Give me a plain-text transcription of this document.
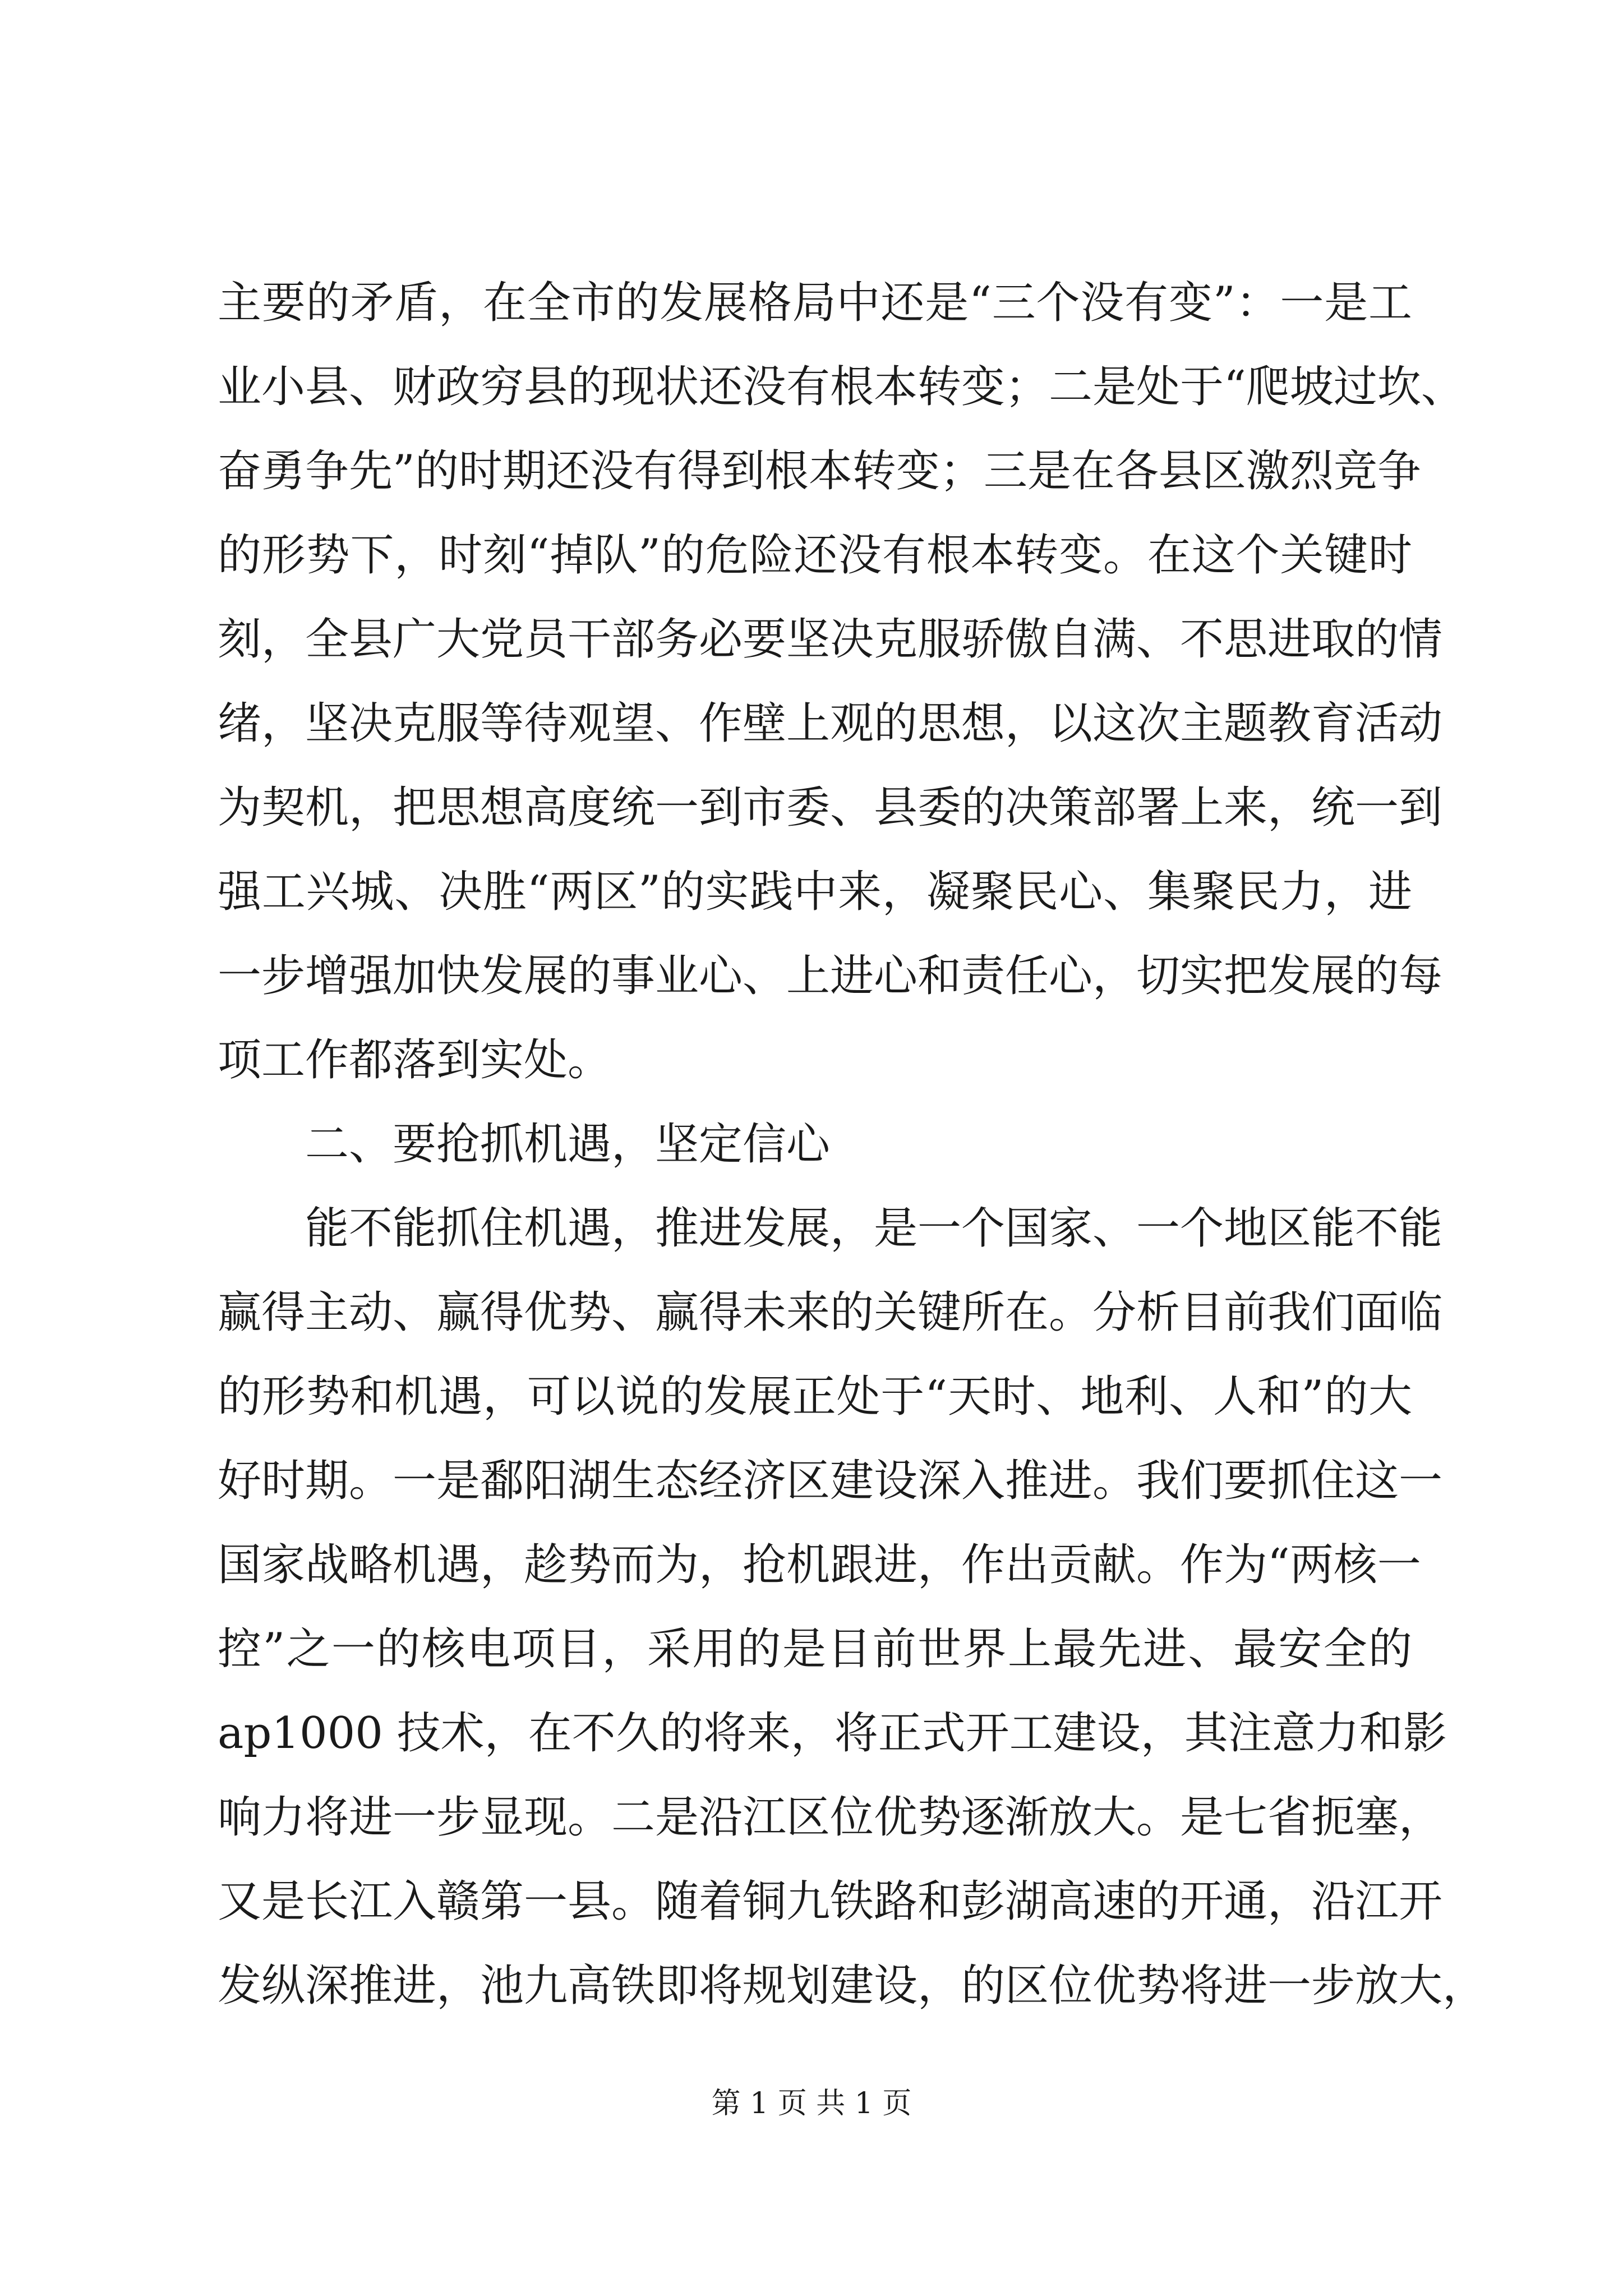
主要的矛盾，在全市的发展格局中还是“三个没有变”：一是工
业小县、财政穷县的现状还没有根本转变；二是处于“爬坡过坎、
奋勇争先”的时期还没有得到根本转变；三是在各县区激烈竞争
的形势下，时刻“掉队”的危险还没有根本转变。在这个关键时
刻，全县广大党员干部务必要坚决克服骄傲自满、不思进取的情
绪，坚决克服等待观望、作壁上观的思想，以这次主题教育活动
为契机，把思想高度统一到市委、县委的决策部署上来，统一到
强工兴城、决胜“两区”的实践中来，凝聚民心、集聚民力，进
一步增强加快发展的事业心、上进心和责任心，切实把发展的每
项工作都落到实处。
二、要抢抓机遇，坚定信心
能不能抓住机遇，推进发展，是一个国家、一个地区能不能
赢得主动、赢得优势、赢得未来的关键所在。分析目前我们面临
的形势和机遇，可以说的发展正处于“天时、地利、人和”的大
好时期。一是鄱阳湖生态经济区建设深入推进。我们要抓住这一
国家战略机遇，趁势而为，抢机跟进，作出贡献。作为“两核一
控”之一的核电项目，采用的是目前世界上最先进、最安全的
ap1000 技术，在不久的将来，将正式开工建设，其注意力和影
响力将进一步显现。二是沿江区位优势逐渐放大。是七省扼塞，
又是长江入赣第一县。随着铜九铁路和彭湖高速的开通，沿江开
发纵深推进，池九高铁即将规划建设，的区位优势将进一步放大，
第 1 页 共 1 页
